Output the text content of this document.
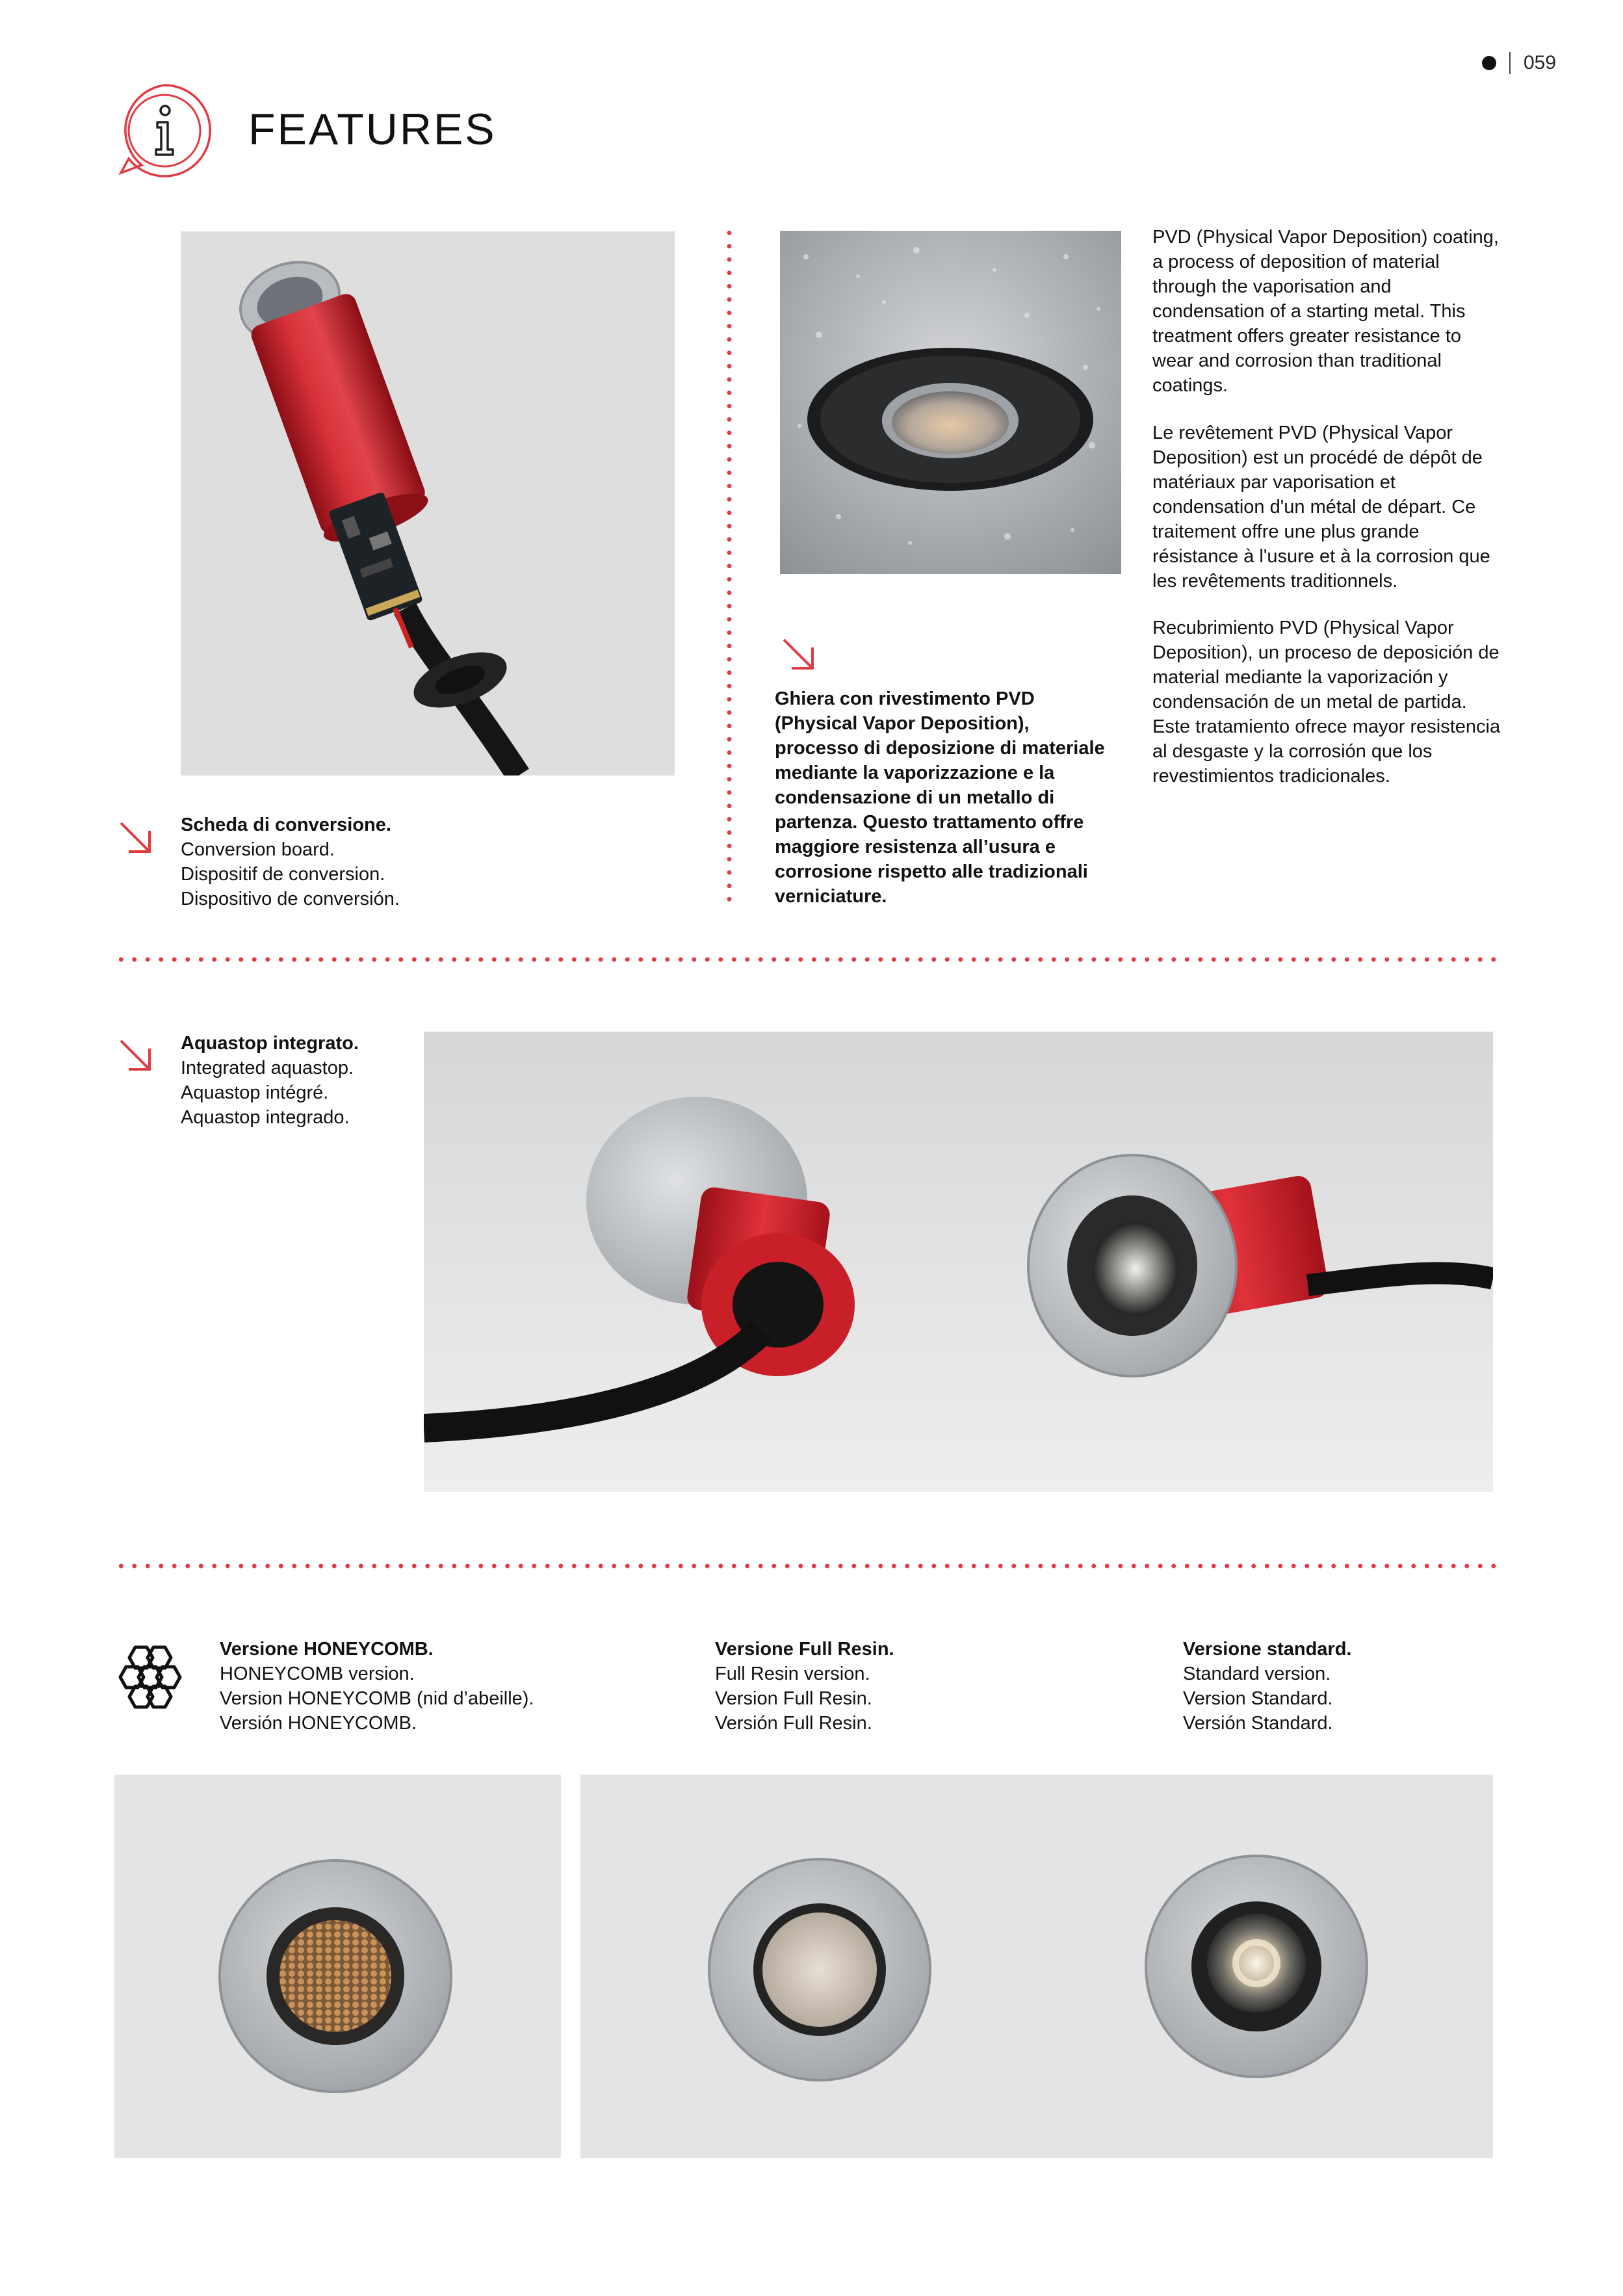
059
FEATURES
Scheda di conversione.
Conversion board.
Dispositif de conversion.
Dispositivo de conversión.
Ghiera con rivestimento PVD (Physical Vapor Deposition), processo di deposizione di materiale mediante la vaporizzazione e la condensazione di un metallo di partenza. Questo trattamento offre maggiore resistenza all’usura e corrosione rispetto alle tradizionali verniciature.
PVD (Physical Vapor Deposition) coating, a process of deposition of material through the vaporisation and condensation of a starting metal. This treatment offers greater resistance to wear and corrosion than traditional coatings.
Le revêtement PVD (Physical Vapor Deposition) est un procédé de dépôt de matériaux par vaporisation et condensation d'un métal de départ. Ce traitement offre une plus grande résistance à l'usure et à la corrosion que les revêtements traditionnels.
Recubrimiento PVD (Physical Vapor Deposition), un proceso de deposición de material mediante la vaporización y condensación de un metal de partida. Este tratamiento ofrece mayor resistencia al desgaste y la corrosión que los revestimientos tradicionales.
Aquastop integrato.
Integrated aquastop.
Aquastop intégré.
Aquastop integrado.
Versione HONEYCOMB.
HONEYCOMB version.
Version HONEYCOMB (nid d’abeille).
Versión HONEYCOMB.
Versione Full Resin.
Full Resin version.
Version Full Resin.
Versión Full Resin.
Versione standard.
Standard version.
Version Standard.
Versión Standard.
